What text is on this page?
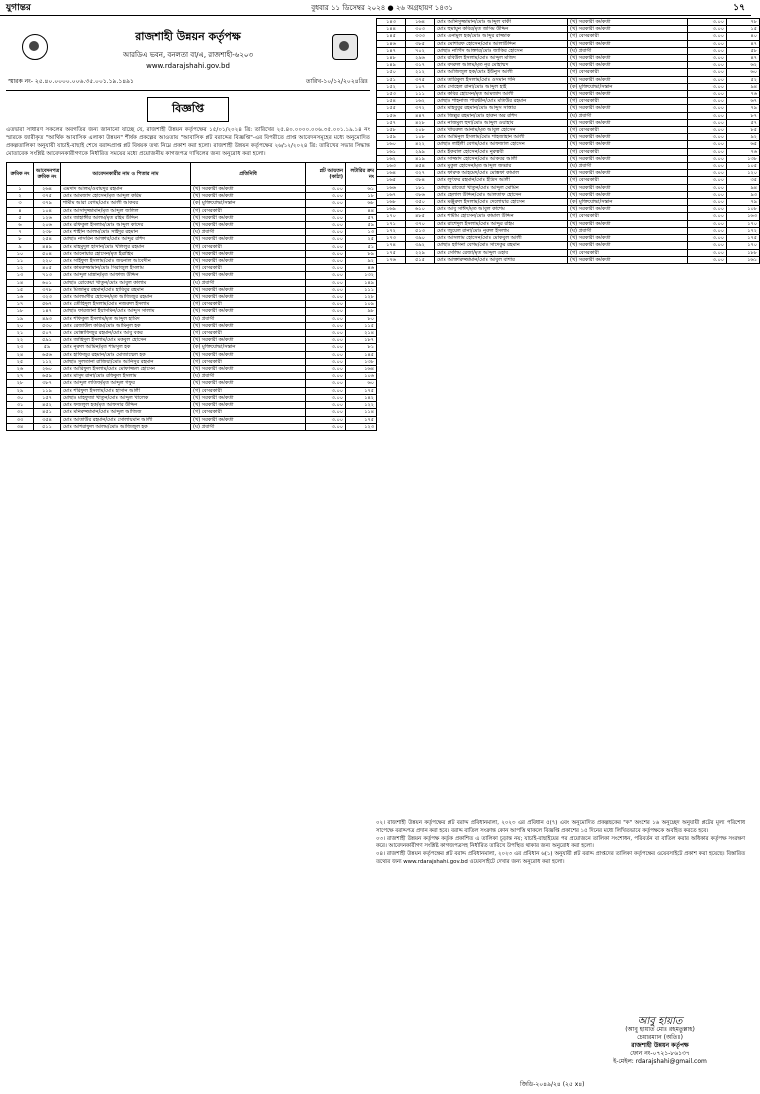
যুগান্তর	বুধবার ১১ ডিসেম্বর ২০২৪ ● ২৬ অগ্রহায়ণ ১৪৩১	১৭
রাজশাহী উন্নয়ন কর্তৃপক্ষ
আরডিএ ভবন, বনলতা বা/এ, রাজশাহী-৬২০৩
www.rdarajshahi.gov.bd
স্মারক নং- ২৫.৪০.০০০০.০০৬.৩৫.০০১.১৯.১৪৯১	তারিখ-১০/১২/২০২৪খ্রিঃ
বিজ্ঞপ্তি
এতদ্বারা সাধারণ সকলের অবগতির জন্য জানানো যাচ্ছে যে, রাজশাহী উন্নয়ন কর্তৃপক্ষের ১৫/০১/২০২৪ খ্রি: তারিখের ২৫.৪০.০০০০.০০৬.৩৫.০০১.১৯.১৪ নং স্মারকে জারীকৃত "আর্থিক আবাসিক এলাকা উন্নয়ন" শীর্ষক প্রকল্পের আওতায় "আবাসিক প্লট বরাদ্দের বিজ্ঞপ্তি"-এর বিপরীতে প্রাপ্ত আবেদনসমূহের মধ্যে অনুমোদিত প্রকল্পতালিকা অনুযায়ী যাচাই-বাছাই শেষে বরাদ্দপ্রাপ্ত প্লট বিষয়ক তথ্য নিম্নে প্রকাশ করা হলো। রাজশাহী উন্নয়ন কর্তৃপক্ষের ২৬/১২/২০২৪ খ্রি: তারিখের সভার সিদ্ধান্ত মোতাবেক সংশ্লিষ্ট আবেদনকারীগণকে নির্ধারিত সময়ের মধ্যে প্রয়োজনীয় কাগজপত্র দাখিলের জন্য অনুরোধ করা হলো।
ক্রমিক নং	আবেদনপত্র ক্রমিক নং	আবেদনকারীর নাম ও পিতার নাম	প্রতিনিধি	প্লট আয়তন (কাঠা)	লটারির ক্রম নং
১	২৬৪	এমদাদ আলম/ওবায়দুর রহমান	(খ) সরকারী কর্মকর্তা	৩.০০	৬১
২	৩৭৫	মোঃ আমজাদ হোসেন/মৃত আব্দুল করিম	(খ) সরকারী কর্মকর্তা	৩.০০	১৮
৩	৩৭৯	শামীম আরা বেগম/মোঃ আলী আকবর	(ক) মুক্তিযোদ্ধা/সন্তান	৩.০০	৬৮
৪	১০৪	মোঃ আসাদুজ্জামান/মৃত আব্দুল জলিল	(গ) বেসরকারী	৩.০০	৪৪
৫	১২৬	মোঃ জাহাঙ্গীর আলম/মৃত রহিম উদ্দিন	(খ) সরকারী কর্মকর্তা	৩.০০	৫৭
৬	২০৬	মোঃ রফিকুল ইসলাম/মোঃ আব্দুল কাদের	(খ) সরকারী কর্মকর্তা	৩.০০	৫৯
৭	২৩৮	মোঃ শাহীন আলম/মোঃ সাইদুর রহমান	(ঘ) প্রবাসী	৩.০০	১৩
৮	২৫৪	মোছাঃ নাসরিন আক্তার/মোঃ আব্দুর রশিদ	(খ) সরকারী কর্মকর্তা	৩.০০	২৫
৯	৪৪৯	মোঃ মাহমুদুল হাসান/মোঃ খলিলুর রহমান	(গ) বেসরকারী	৩.০০	৫১
১০	৫০৪	মোঃ আনোয়ার হোসেন/মৃত ইব্রাহিম	(খ) সরকারী কর্মকর্তা	৩.০০	৮৯
১১	২২০	মোঃ সাইফুল ইসলাম/মোঃ জয়নাল আবেদীন	(খ) সরকারী কর্মকর্তা	৩.০০	৯২
১২	৪০৫	মোঃ কামরুজ্জামান/মোঃ সিরাজুল ইসলাম	(গ) বেসরকারী	৩.০০	৪৬
১৩	৭১৩	মোঃ আব্দুল মান্নান/মৃত আফাজ উদ্দিন	(খ) সরকারী কর্মকর্তা	৩.০০	১৩২
১৪	৬০১	মোছাঃ রোকেয়া খাতুন/মোঃ আবুল কালাম	(ঘ) প্রবাসী	৩.০০	১৪৯
১৫	৩৭৮	মোঃ মিজানুর রহমান/মোঃ হাবিবুর রহমান	(খ) সরকারী কর্মকর্তা	৩.০০	১১১
১৬	৩২৩	মোঃ আলমগীর হোসেন/মৃত আজিজুর রহমান	(খ) সরকারী কর্মকর্তা	৩.০০	১২৮
১৭	৫৬৭	মোঃ তৌহিদুল ইসলাম/মোঃ নজরুল ইসলাম	(গ) বেসরকারী	৩.০০	১০৯
১৮	১৪৭	মোছাঃ ফারজানা ইয়াসমিন/মোঃ আব্দুস সালাম	(খ) সরকারী কর্মকর্তা	৩.০০	৯৮
১৯	৪৯৩	মোঃ শফিকুল ইসলাম/মৃত আব্দুল হামিদ	(ঘ) প্রবাসী	৩.০০	৮০
২০	৫৩০	মোঃ রেজাউল করিম/মোঃ আমিনুল হক	(খ) সরকারী কর্মকর্তা	৩.০০	১১৫
২১	৫০৭	মোঃ মোস্তাফিজুর রহমান/মোঃ আবু বকর	(গ) বেসরকারী	৩.০০	২১৪
২২	৫৯১	মোঃ জাহিদুল ইসলাম/মোঃ মকবুল হোসেন	(খ) সরকারী কর্মকর্তা	৩.০০	১৮৭
২৩	৫৯	মোঃ নূরুল আমিন/মৃত শামসুল হক	(ক) মুক্তিযোদ্ধা/সন্তান	৩.০০	৮১
২৪	৬৫৬	মোঃ হাফিজুর রহমান/মোঃ মোজাম্মেল হক	(খ) সরকারী কর্মকর্তা	৩.০০	১৪৫
২৫	১১২	মোছাঃ সুলতানা রাজিয়া/মোঃ আনিসুর রহমান	(গ) বেসরকারী	৩.০০	১৩৮
২৬	২৬০	মোঃ আরিফুল ইসলাম/মোঃ মোফাজ্জল হোসেন	(খ) সরকারী কর্মকর্তা	৩.০০	১৬৪
২৭	৬৫৯	মোঃ মাসুদ রানা/মোঃ রফিকুল ইসলাম	(ঘ) প্রবাসী	৩.০০	১০৬
২৮	৩৮৭	মোঃ আব্দুল লতিফ/মৃত আব্দুল গফুর	(খ) সরকারী কর্মকর্তা	৩.০০	৬০
২৯	১১৯	মোঃ শরিফুল ইসলাম/মোঃ হাসান আলী	(গ) বেসরকারী	৩.০০	১৭৫
৩০	১৫৭	মোছাঃ মাহফুজা খাতুন/মোঃ আব্দুল খালেক	(খ) সরকারী কর্মকর্তা	৩.০০	১৪২
৩১	৪৫২	মোঃ ফজলুল হক/মৃত আফসার উদ্দিন	(খ) সরকারী কর্মকর্তা	৩.০০	১২২
৩২	৪৫১	মোঃ মনিরুজ্জামান/মোঃ আব্দুল আজিজ	(গ) বেসরকারী	৩.০০	১১৪
৩৩	৩৫৪	মোঃ আতাউর রহমান/মোঃ সোলায়মান আলী	(খ) সরকারী কর্মকর্তা	৩.০০	১৭৫
৩৪	৫১১	মোঃ আশরাফুল আলম/মোঃ আজিজুল হক	(ঘ) প্রবাসী	৩.০০	১২৩
১৪৩	১৬৪	মোঃ আনিসুজ্জামান/মোঃ আব্দুল বাকী	(খ) সরকারী কর্মকর্তা	৩.০০	৭৮
১৪৪	৩০৩	মোঃ হুমায়ুন কবির/মৃত জসিম উদ্দিন	(খ) সরকারী কর্মকর্তা	৩.০০	১৫
১৪৫	৩৩৩	মোঃ এনামুল হক/মোঃ আব্দুর রাজ্জাক	(গ) বেসরকারী	৩.০০	৪০
১৪৬	৩৮৫	মোঃ মোশারফ হোসেন/মোঃ আলাউদ্দিন	(খ) সরকারী কর্মকর্তা	৩.০০	৪৭
১৪৭	৭০২	মোছাঃ নার্গিস আক্তার/মোঃ জাকির হোসেন	(ঘ) প্রবাসী	৩.০০	৫৮
১৪৮	২৯৬	মোঃ রবিউল ইসলাম/মোঃ আব্দুল মজিদ	(খ) সরকারী কর্মকর্তা	৩.০০	৪৭
১৪৯	৩১৭	মোঃ বদরুল আলম/মৃত নূর মোহাম্মদ	(খ) সরকারী কর্মকর্তা	৩.০০	৬২
১৫০	২১২	মোঃ আজিজুল হক/মোঃ ইউনুস আলী	(গ) বেসরকারী	৩.০০	৬০
১৫১	৩৭৫	মোঃ তারিকুল ইসলাম/মোঃ ওসমান গনি	(খ) সরকারী কর্মকর্তা	৩.০০	৫২
১৫২	১০৭	মোঃ সোহেল রানা/মোঃ আব্দুল হাই	(ক) মুক্তিযোদ্ধা/সন্তান	৩.০০	৯৪
১৫৩	১১১	মোঃ কবির হোসেন/মৃত আমজাদ আলী	(খ) সরকারী কর্মকর্তা	৩.০০	৭৬
১৫৪	১৬২	মোছাঃ শাহনাজ পারভীন/মোঃ মতিউর রহমান	(গ) বেসরকারী	৩.০০	৬৭
১৫৫	৩৭২	মোঃ মাহবুবুর রহমান/মোঃ আব্দুস সাত্তার	(খ) সরকারী কর্মকর্তা	৩.০০	৭৯
১৫৬	৪৪৭	মোঃ জিল্লুর রহমান/মোঃ হারুন অর রশিদ	(ঘ) প্রবাসী	৩.০০	৮৭
১৫৭	৪২৮	মোঃ নাজমুল হুদা/মোঃ আব্দুল ওয়াহাব	(খ) সরকারী কর্মকর্তা	৩.০০	৫৭
১৫৮	২০৮	মোঃ খায়রুল আনাম/মৃত আবুল হোসেন	(গ) বেসরকারী	৩.০০	৮৫
১৫৯	১০৮	মোঃ আমিনুল ইসলাম/মোঃ শাহজাহান আলী	(খ) সরকারী কর্মকর্তা	৩.০০	৯২
১৬০	৪২২	মোছাঃ লাইলী বেগম/মোঃ আফজাল হোসেন	(খ) সরকারী কর্মকর্তা	৩.০০	৬৫
১৬১	২৯৯	মোঃ ইকবাল হোসেন/মোঃ নুরুন্নবী	(গ) বেসরকারী	৩.০০	৭৬
১৬২	৪১৯	মোঃ সাজ্জাদ হোসেন/মোঃ আকবর আলী	(খ) সরকারী কর্মকর্তা	৩.০০	১৩৮
১৬৩	৪৫৪	মোঃ মুকুল হোসেন/মৃত আব্দুল জব্বার	(ঘ) প্রবাসী	৩.০০	১০৫
১৬৪	৩২৭	মোঃ ফারুক আহমেদ/মোঃ মোস্তফা কামাল	(খ) সরকারী কর্মকর্তা	৩.০০	১২০
১৬৫	৩৮৪	মোঃ লুৎফর রহমান/মোঃ ইদ্রিস আলী	(গ) বেসরকারী	৩.০০	৩৫
১৬৬	১৮১	মোছাঃ রাবেয়া খাতুন/মোঃ আব্দুল মোমিন	(খ) সরকারী কর্মকর্তা	৩.০০	৯৪
১৬৭	৩৮৬	মোঃ হেলাল উদ্দিন/মোঃ আলতাফ হোসেন	(খ) সরকারী কর্মকর্তা	৩.০০	৯৩
১৬৮	৩৫০	মোঃ মঞ্জুরুল ইসলাম/মোঃ দেলোয়ার হোসেন	(ক) মুক্তিযোদ্ধা/সন্তান	৩.০০	৭৯
১৬৯	৬১০	মোঃ আবু সাঈদ/মৃত আবুল কাশেম	(খ) সরকারী কর্মকর্তা	৩.০০	১০৮
১৭০	৪৮৫	মোঃ শামীম হোসেন/মোঃ কামাল উদ্দিন	(গ) বেসরকারী	৩.০০	১৬৩
১৭১	৩৭০	মোঃ রাশেদুল ইসলাম/মোঃ আব্দুর রহিম	(খ) সরকারী কর্মকর্তা	৩.০০	১৭০
১৭২	৫১৩	মোঃ জুয়েল রানা/মোঃ নুরুল ইসলাম	(ঘ) প্রবাসী	৩.০০	১৭২
১৭৩	৩৯০	মোঃ আসলাম হোসেন/মোঃ মোকবুল আলী	(খ) সরকারী কর্মকর্তা	৩.০০	১৭৫
১৭৪	৩৯২	মোছাঃ হাসিনা বেগম/মোঃ সাদেকুর রহমান	(খ) সরকারী কর্মকর্তা	৩.০০	১৭০
১৭৫	২২৯	মোঃ সেলিম রেজা/মৃত আব্দুল ওহাব	(গ) বেসরকারী	৩.০০	১৮৮
১৭৬	৫১৫	মোঃ আক্তারুজ্জামান/মোঃ আবুল বাশার	(খ) সরকারী কর্মকর্তা	৩.০০	১৬১
০২। রাজশাহী উন্নয়ন কর্তৃপক্ষের প্লট বরাদ্দ প্রবিধানমালা, ২০২৩ এর প্রবিধান ৫(৭) এবং অনুমোদিত প্রকল্পছকের "ক" অংশের ১৬ অনুচ্ছেদ অনুযায়ী প্লটের মূল্য পরিশোধ সাপেক্ষে বরাদ্দপত্র প্রদান করা হবে। বরাদ্দ বাতিল সংক্রান্ত কোন আপত্তি থাকলে বিজ্ঞপ্তি প্রকাশের ১৫ দিনের মধ্যে লিখিতভাবে কর্তৃপক্ষকে অবহিত করতে হবে।
০৩। রাজশাহী উন্নয়ন কর্তৃপক্ষ কর্তৃক প্রকাশিত এ তালিকা চূড়ান্ত নয়; যাচাই-বাছাইয়ের পর প্রয়োজনে তালিকা সংশোধন, পরিবর্তন বা বাতিল করার অধিকার কর্তৃপক্ষ সংরক্ষণ করে। আবেদনকারীগণ সংশ্লিষ্ট কাগজপত্রসহ নির্ধারিত তারিখে উপস্থিত থাকার জন্য অনুরোধ করা হলো।
০৪। রাজশাহী উন্নয়ন কর্তৃপক্ষের প্লট বরাদ্দ প্রবিধানমালা, ২০২৩ এর প্রবিধান ৬(১) অনুযায়ী প্লট বরাদ্দ প্রাপ্তদের তালিকা কর্তৃপক্ষের ওয়েবসাইটে প্রকাশ করা হয়েছে। বিস্তারিত তথ্যের জন্য www.rdarajshahi.gov.bd ওয়েবসাইটে দেখার জন্য অনুরোধ করা হলো।
আবু হায়াত
(আবু হায়াত মোঃ রহমতুল্লাহ)
চেয়ারম্যান (অতিঃ)
রাজশাহী উন্নয়ন কর্তৃপক্ষ
ফোন নং-০৭২১-৮৬১৩৭
ই-মেইল: rdarajshahi@gmail.com
জিডি-২০৪৯/২৪ (২৫ x৪)
